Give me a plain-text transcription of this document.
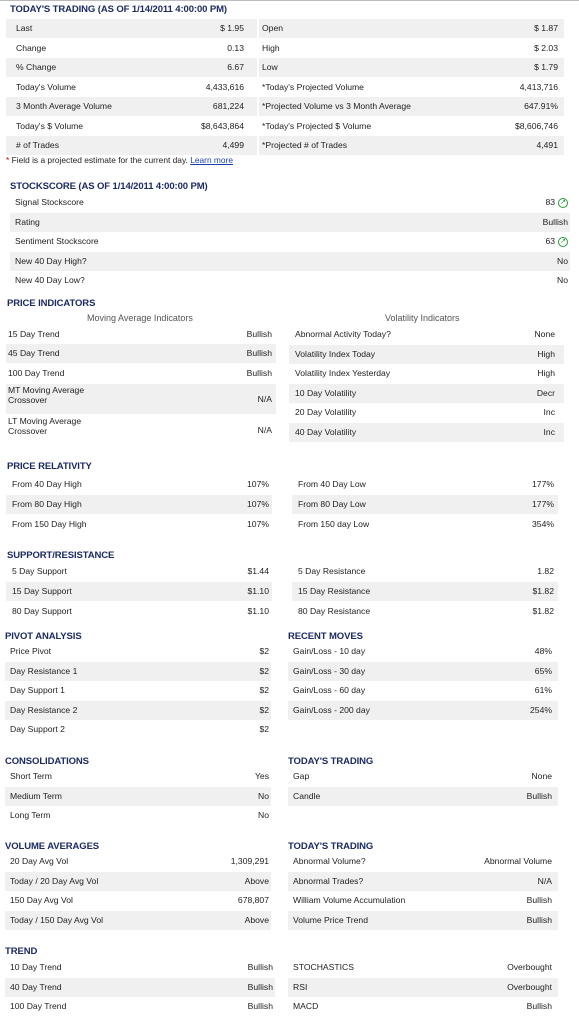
TODAY'S TRADING (AS OF 1/14/2011 4:00:00 PM)
* Field is a projected estimate for the current day. Learn more
STOCKSCORE (AS OF 1/14/2011 4:00:00 PM)
PRICE INDICATORS
Moving Average Indicators	Volatility Indicators
PRICE RELATIVITY
SUPPORT/RESISTANCE
PIVOT ANALYSIS	RECENT MOVES
CONSOLIDATIONS	TODAY'S TRADING
VOLUME AVERAGES	TODAY'S TRADING
TREND
Last	$ 1.95 Open	$ 1.87
Change	0.13 High	$ 2.03
% Change	6.67 Low	$ 1.79
Today's Volume	4,433,616 *Today's Projected Volume	4,413,716
3 Month Average Volume	681,224 *Projected Volume vs 3 Month Average	647.91%
Today's $ Volume	$8,643,864 *Today's Projected $ Volume	$8,606,746
# of Trades	4,499 *Projected # of Trades	4,491
Signal Stockscore	83 ↗
Rating	Bullish
Sentiment Stockscore	63 ↗
New 40 Day High?	No
New 40 Day Low?	No
15 Day Trend	Bullish
45 Day Trend	Bullish
100 Day Trend	Bullish
MT Moving Average Crossover	N/A
LT Moving Average Crossover	N/A
Abnormal Activity Today?	None
Volatility Index Today	High
Volatility Index Yesterday	High
10 Day Volatility	Decr
20 Day Volatility	Inc
40 Day Volatility	Inc
From 40 Day High	107%
From 80 Day High	107%
From 150 Day High	107%
From 40 Day Low	177%
From 80 Day Low	177%
From 150 day Low	354%
5 Day Support	$1.44
15 Day Support	$1.10
80 Day Support	$1.10
5 Day Resistance	1.82
15 Day Resistance	$1.82
80 Day Resistance	$1.82
Price Pivot	$2
Day Resistance 1	$2
Day Support 1	$2
Day Resistance 2	$2
Day Support 2	$2
Gain/Loss - 10 day	48%
Gain/Loss - 30 day	65%
Gain/Loss - 60 day	61%
Gain/Loss - 200 day	254%
Short Term	Yes
Medium Term	No
Long Term	No
Gap	None
Candle	Bullish
20 Day Avg Vol	1,309,291
Today / 20 Day Avg Vol	Above
150 Day Avg Vol	678,807
Today / 150 Day Avg Vol	Above
Abnormal Volume?	Abnormal Volume
Abnormal Trades?	N/A
William Volume Accumulation	Bullish
Volume Price Trend	Bullish
10 Day Trend	Bullish
40 Day Trend	Bullish
100 Day Trend	Bullish
STOCHASTICS	Overbought
RSI	Overbought
MACD	Bullish
